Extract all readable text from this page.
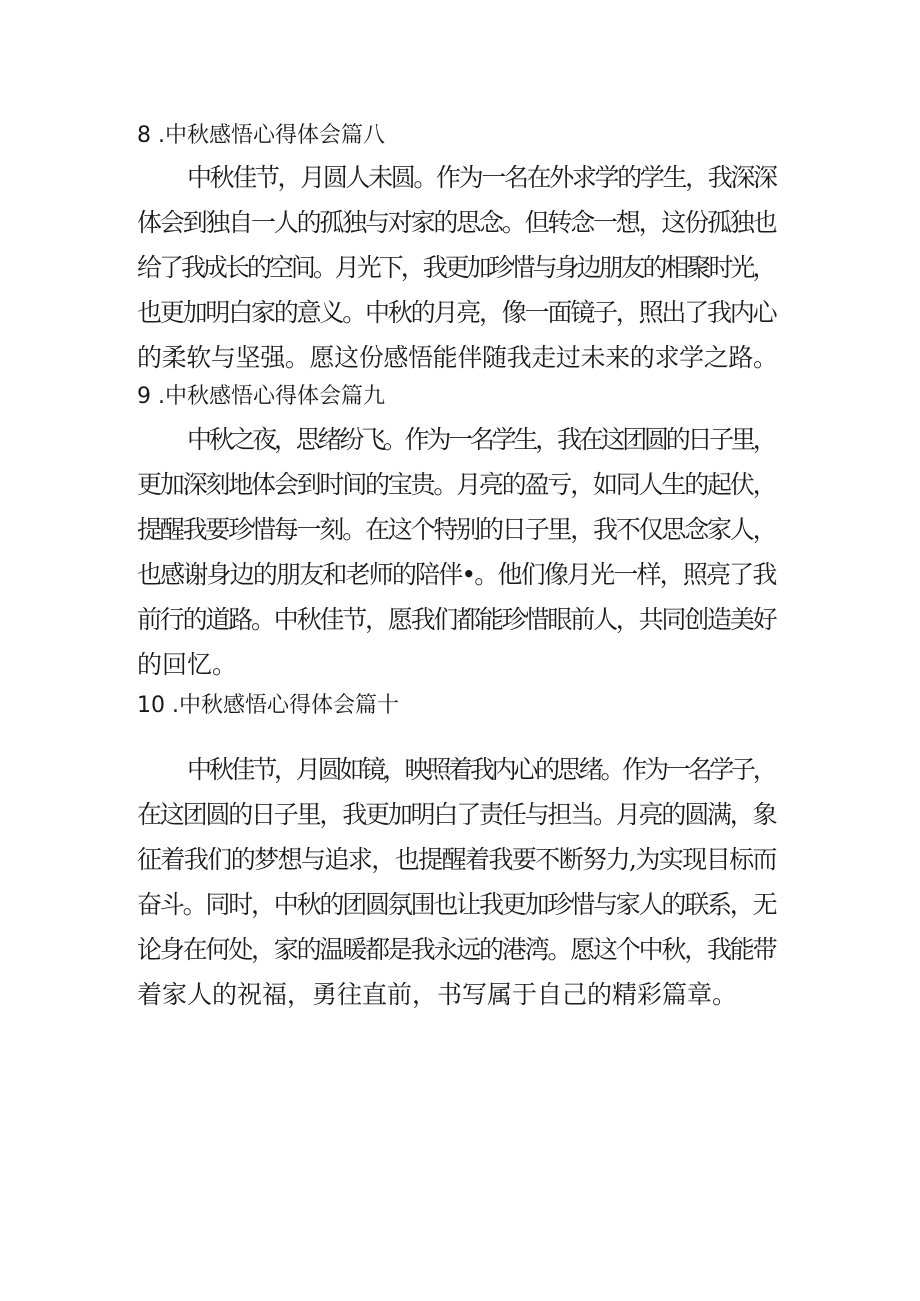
8 .中秋感悟心得体会篇八

中秋佳节，月圆人未圆。作为一名在外求学的学生，我深深

体会到独自一人的孤独与对家的思念。但转念一想，这份孤独也

给了我成长的空间。月光下，我更加珍惜与身边朋友的相聚时光，

也更加明白家的意义。中秋的月亮，像一面镜子，照出了我内心

的柔软与坚强。愿这份感悟能伴随我走过未来的求学之路。

9 .中秋感悟心得体会篇九

中秋之夜，思绪纷飞。作为一名学生，我在这团圆的日子里，

更加深刻地体会到时间的宝贵。月亮的盈亏，如同人生的起伏，

提醒我要珍惜每一刻。在这个特别的日子里，我不仅思念家人，

也感谢身边的朋友和老师的陪伴•。他们像月光一样，照亮了我

前行的道路。中秋佳节，愿我们都能珍惜眼前人，共同创造美好

的回忆。

10 .中秋感悟心得体会篇十

中秋佳节，月圆如镜，映照着我内心的思绪。作为一名学子，

在这团圆的日子里，我更加明白了责任与担当。月亮的圆满，象

征着我们的梦想与追求，也提醒着我要不断努力,为实现目标而

奋斗。同时，中秋的团圆氛围也让我更加珍惜与家人的联系，无

论身在何处，家的温暖都是我永远的港湾。愿这个中秋，我能带

着家人的祝福，勇往直前，书写属于自己的精彩篇章。
